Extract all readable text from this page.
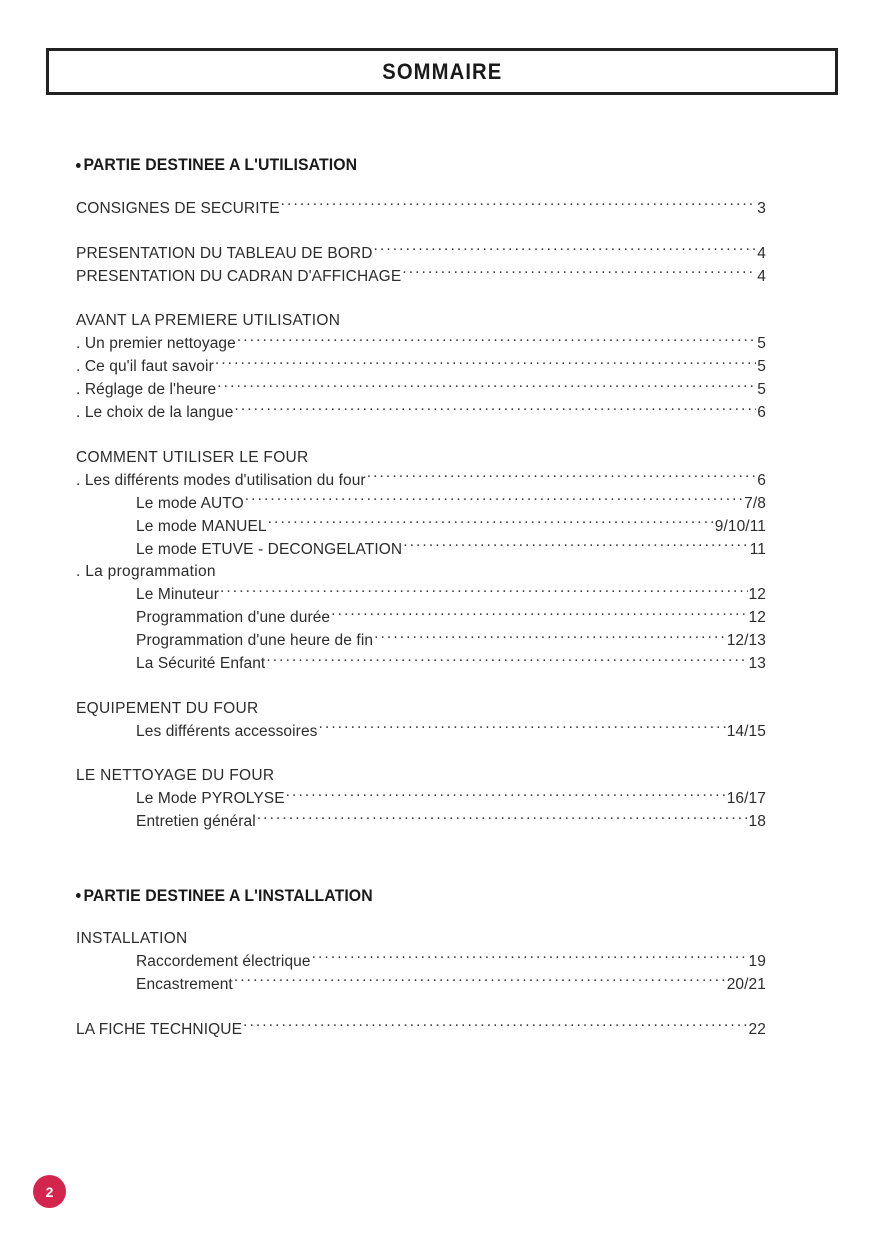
SOMMAIRE
PARTIE DESTINEE A L'UTILISATION
CONSIGNES DE SECURITE . . .	3
PRESENTATION DU TABLEAU DE BORD . . .	4
PRESENTATION DU CADRAN D'AFFICHAGE . . .	4
AVANT LA PREMIERE UTILISATION
. Un premier nettoyage . . .	5
. Ce qu'il faut savoir . . .	5
. Réglage de l'heure . . .	5
. Le choix de la langue . . .	6
COMMENT UTILISER LE FOUR
. Les différents modes d'utilisation du four . . .	6
Le mode AUTO . . .	7/8
Le mode MANUEL . . .	9/10/11
Le mode ETUVE - DECONGELATION . . .	11
. La programmation
Le Minuteur . . .	12
Programmation d'une durée . . .	12
Programmation d'une heure de fin . . .	12/13
La Sécurité Enfant . . .	13
EQUIPEMENT DU FOUR
Les différents accessoires . . .	14/15
LE NETTOYAGE DU FOUR
Le Mode PYROLYSE . . .	16/17
Entretien général . . .	18
PARTIE DESTINEE A L'INSTALLATION
INSTALLATION
Raccordement électrique . . .	19
Encastrement . . .	20/21
LA FICHE TECHNIQUE . . .	22
2
